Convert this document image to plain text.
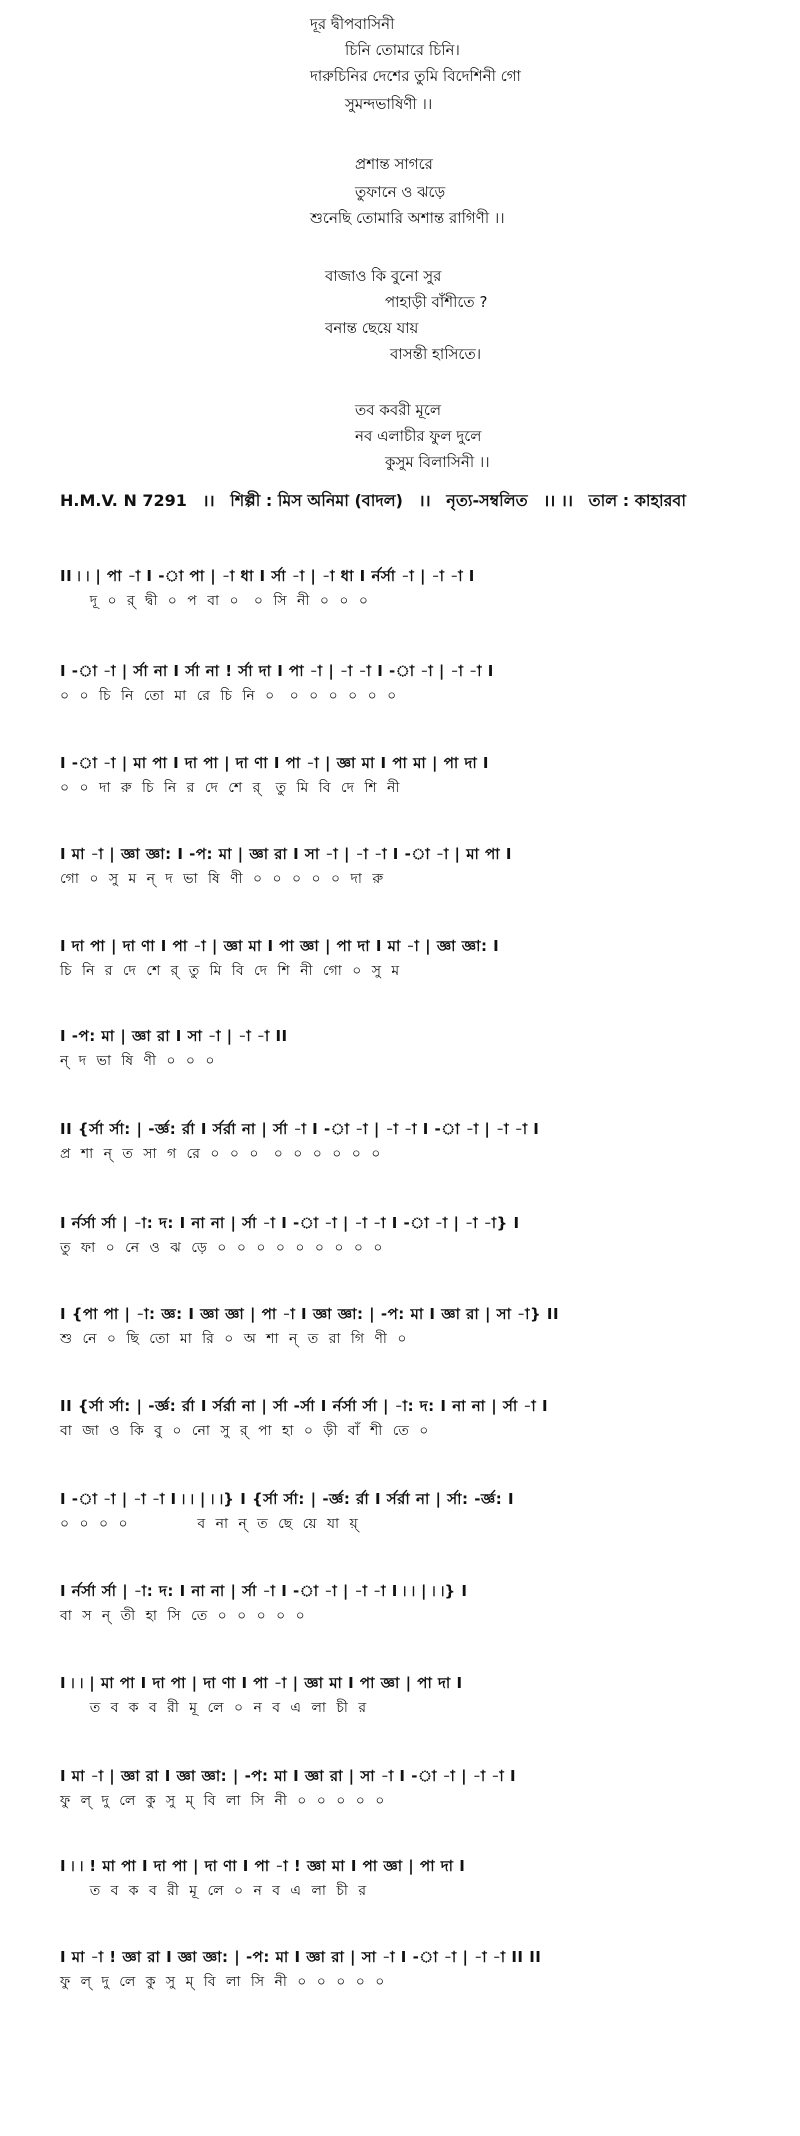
দূর দ্বীপবাসিনী
চিনি তোমারে চিনি।
দারুচিনির দেশের তুমি বিদেশিনী গো
সুমন্দভাষিণী ।।
প্রশান্ত সাগরে
তুফানে ও ঝড়ে
শুনেছি তোমারি অশান্ত রাগিণী ।।
বাজাও কি বুনো সুর
পাহাড়ী বাঁশীতে ?
বনান্ত ছেয়ে যায়
বাসন্তী হাসিতে।
তব কবরী মূলে
নব এলাচীর ফুল দুলে
কুসুম বিলাসিনী ।।
H.M.V. N 7291 ।। শিল্পী : মিস অনিমা (বাদল) ।। নৃত্য-সম্বলিত ।। ।। তাল : কাহারবা
II ৷ ৷ | পা -া I -া পা | -া ধা I র্সা -া | -া ধা I র্নর্সা -া | -া -া I
দূ  ০  র্  দ্বী  ০  প  বা  ০   ০  সি  নী  ০  ০  ০
I -া -া | র্সা না I র্সা না ! র্সা দা I পা -া | -া -া I -া -া | -া -া I
০  ০  চি  নি  তো  মা  রে  চি  নি  ০   ০  ০  ০  ০  ০  ০
I -া -া | মা পা I দা পা | দা ণা I পা -া | জ্ঞা মা I পা মা | পা দা I
০  ০  দা  রু  চি  নি  র  দে  শে  র্   তু  মি  বি  দে  শি  নী
I মা -া | জ্ঞা জ্ঞা: I -প: মা | জ্ঞা রা I সা -া | -া -া I -া -া | মা পা I
গো  ০  সু  ম  ন্  দ  ভা  ষি  ণী  ০  ০  ০  ০  ০  দা  রু
I দা পা | দা ণা I পা -া | জ্ঞা মা I পা জ্ঞা | পা দা I মা -া | জ্ঞা জ্ঞা: I
চি  নি  র  দে  শে  র্  তু  মি  বি  দে  শি  নী  গো  ০  সু  ম
I -প: মা | জ্ঞা রা I সা -া | -া -া II
ন্  দ  ভা  ষি  ণী  ০  ০  ০
II {র্সা র্সা: | -র্জ্ঞ: র্রা I র্সর্রা না | র্সা -া I -া -া | -া -া I -া -া | -া -া I
প্র  শা  ন্  ত  সা  গ  রে  ০  ০  ০   ০  ০  ০  ০  ০  ০
I র্নর্সা র্সা | -া: দ: I না না | র্সা -া I -া -া | -া -া I -া -া | -া -া} I
তু  ফা  ০  নে  ও  ঝ  ড়ে  ০  ০  ০  ০  ০  ০  ০  ০  ০
I {পা পা | -া: জ্ঞ: I জ্ঞা জ্ঞা | পা -া I জ্ঞা জ্ঞা: | -প: মা I জ্ঞা রা | সা -া} II
শু  নে  ০  ছি  তো  মা  রি  ০  অ  শা  ন্  ত  রা  গি  ণী  ০
II {র্সা র্সা: | -র্জ্ঞ: র্রা I র্সর্রা না | র্সা -র্সা I র্নর্সা র্সা | -া: দ: I না না | র্সা -া I
বা  জা  ও  কি  বু  ০  নো  সু  র্  পা  হা  ০  ড়ী  বাঁ  শী  তে  ০
I -া -া | -া -া I ৷ ৷ | ৷ ৷} I {র্সা র্সা: | -র্জ্ঞ: র্রা I র্সর্রা না | র্সা: -র্জ্ঞ: I
০  ০  ০  ০              ব  না  ন্  ত  ছে  য়ে  যা  য়্
I র্নর্সা র্সা | -া: দ: I না না | র্সা -া I -া -া | -া -া I ৷ ৷ | ৷ ৷} I
বা  স  ন্  তী  হা  সি  তে  ০  ০  ০  ০  ০
I ৷ ৷ | মা পা I দা পা | দা ণা I পা -া | জ্ঞা মা I পা জ্ঞা | পা দা I
ত  ব  ক  ব  রী  মূ  লে  ০  ন  ব  এ  লা  চী  র
I মা -া | জ্ঞা রা I জ্ঞা জ্ঞা: | -প: মা I জ্ঞা রা | সা -া I -া -া | -া -া I
ফু  ল্  দু  লে  কু  সু  ম্  বি  লা  সি  নী  ০  ০  ০  ০  ০
I ৷ ৷ ! মা পা I দা পা | দা ণা I পা -া ! জ্ঞা মা I পা জ্ঞা | পা দা I
ত  ব  ক  ব  রী  মূ  লে  ০  ন  ব  এ  লা  চী  র
I মা -া ! জ্ঞা রা I জ্ঞা জ্ঞা: | -প: মা I জ্ঞা রা | সা -া I -া -া | -া -া II II
ফু  ল্  দু  লে  কু  সু  ম্  বি  লা  সি  নী  ০  ০  ০  ০  ০
